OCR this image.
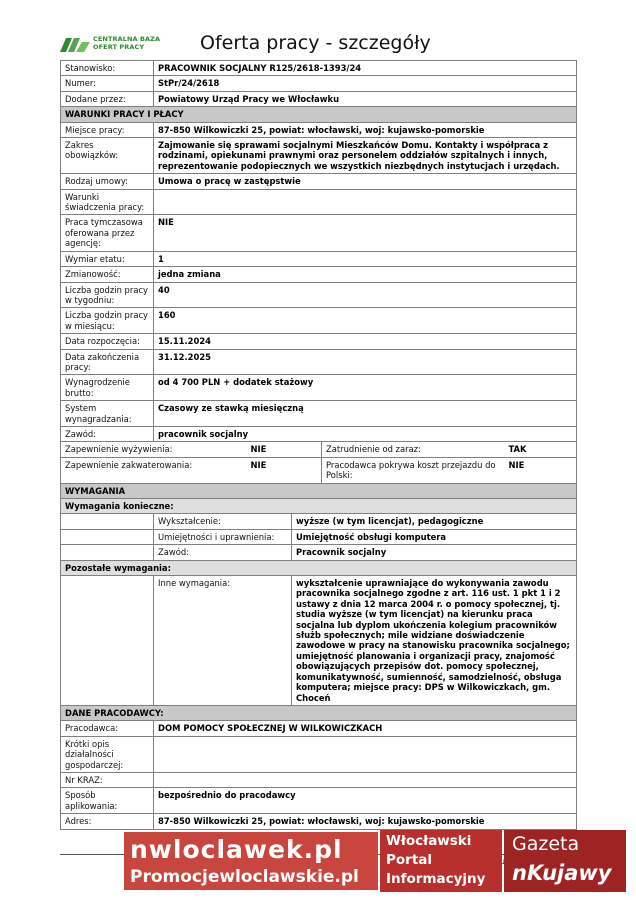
CENTRALNA BAZA
OFERT PRACY	Oferta pracy - szczegóły
Stanowisko:	PRACOWNIK SOCJALNY R125/2618-1393/24				
Numer:	StPr/24/2618				
Dodane przez:	Powiatowy Urząd Pracy we Włocławku				
WARUNKI PRACY I PŁACY					
Miejsce pracy:	87-850 Wilkowiczki 25, powiat: włocławski, woj: kujawsko-pomorskie				
Zakres obowiązków:	Zajmowanie się sprawami socjalnymi Mieszkańców Domu. Kontakty i współpraca z rodzinami, opiekunami prawnymi oraz personelem oddziałów szpitalnych i innych, reprezentowanie podopiecznych we wszystkich niezbędnych instytucjach i urzędach.				
Rodzaj umowy:	Umowa o pracę w zastępstwie				
Warunki świadczenia pracy:					
Praca tymczasowa oferowana przez agencję:	NIE				
Wymiar etatu:	1				
Zmianowość:	jedna zmiana				
Liczba godzin pracy w tygodniu:	40				
Liczba godzin pracy w miesiącu:	160				
Data rozpoczęcia:	15.11.2024				
Data zakończenia pracy:	31.12.2025				
Wynagrodzenie brutto:	od 4 700 PLN + dodatek stażowy				
System wynagradzania:	Czasowy ze stawką miesięczną				
Zawód:	pracownik socjalny				
Zapewnienie wyżywienia:		NIE		Zatrudnienie od zaraz:	TAK
Zapewnienie zakwaterowania:		NIE		Pracodawca pokrywa koszt przejazdu do Polski:	NIE
WYMAGANIA					
Wymagania konieczne:					
	Wykształcenie:		wyższe (w tym licencjat), pedagogiczne		
	Umiejętności i uprawnienia:		Umiejętność obsługi komputera		
	Zawód:		Pracownik socjalny		
Pozostałe wymagania:					
	Inne wymagania:		wykształcenie uprawniające do wykonywania zawodu pracownika socjalnego zgodne z art. 116 ust. 1 pkt 1 i 2 ustawy z dnia 12 marca 2004 r. o pomocy społecznej, tj. studia wyższe (w tym licencjat) na kierunku praca socjalna lub dyplom ukończenia kolegium pracowników służb społecznych; mile widziane doświadczenie zawodowe w pracy na stanowisku pracownika socjalnego; umiejętność planowania i organizacji pracy, znajomość obowiązujących przepisów dot. pomocy społecznej, komunikatywność, sumienność, samodzielność, obsługa komputera; miejsce pracy: DPS w Wilkowiczkach, gm. Choceń		
DANE PRACODAWCY:					
Pracodawca:	DOM POMOCY SPOŁECZNEJ W WILKOWICZKACH				
Krótki opis działalności gospodarczej:					
Nr KRAZ:					
Sposób aplikowania:	bezpośrednio do pracodawcy				
Adres:	87-850 Wilkowiczki 25, powiat: włocławski, woj: kujawsko-pomorskie				
nwloclawek.pl
Promocjewloclawskie.pl
Włocławski
Portal
Informacyjny
Gazeta
nKujawy
